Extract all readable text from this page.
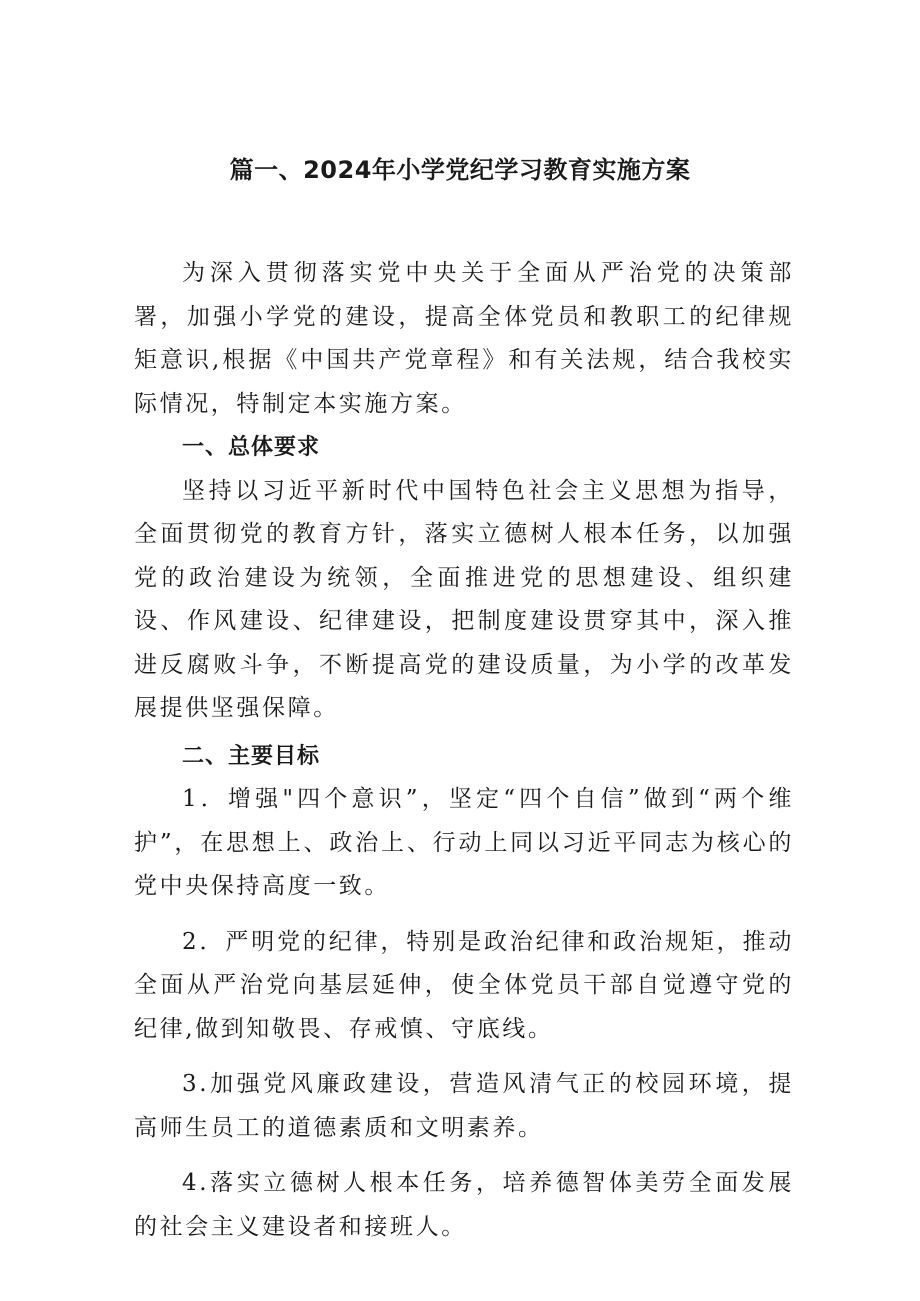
篇一、2024年小学党纪学习教育实施方案

为深入贯彻落实党中央关于全面从严治党的决策部署，加强小学党的建设，提高全体党员和教职工的纪律规矩意识,根据《中国共产党章程》和有关法规，结合我校实际情况，特制定本实施方案。

一、总体要求

坚持以习近平新时代中国特色社会主义思想为指导，全面贯彻党的教育方针，落实立德树人根本任务，以加强党的政治建设为统领，全面推进党的思想建设、组织建设、作风建设、纪律建设，把制度建设贯穿其中，深入推进反腐败斗争，不断提高党的建设质量，为小学的改革发展提供坚强保障。

二、主要目标

1．增强"四个意识”，坚定“四个自信”做到“两个维护”，在思想上、政治上、行动上同以习近平同志为核心的党中央保持高度一致。

2．严明党的纪律，特别是政治纪律和政治规矩，推动全面从严治党向基层延伸，使全体党员干部自觉遵守党的纪律,做到知敬畏、存戒慎、守底线。

3.加强党风廉政建设，营造风清气正的校园环境，提高师生员工的道德素质和文明素养。

4.落实立德树人根本任务，培养德智体美劳全面发展的社会主义建设者和接班人。
